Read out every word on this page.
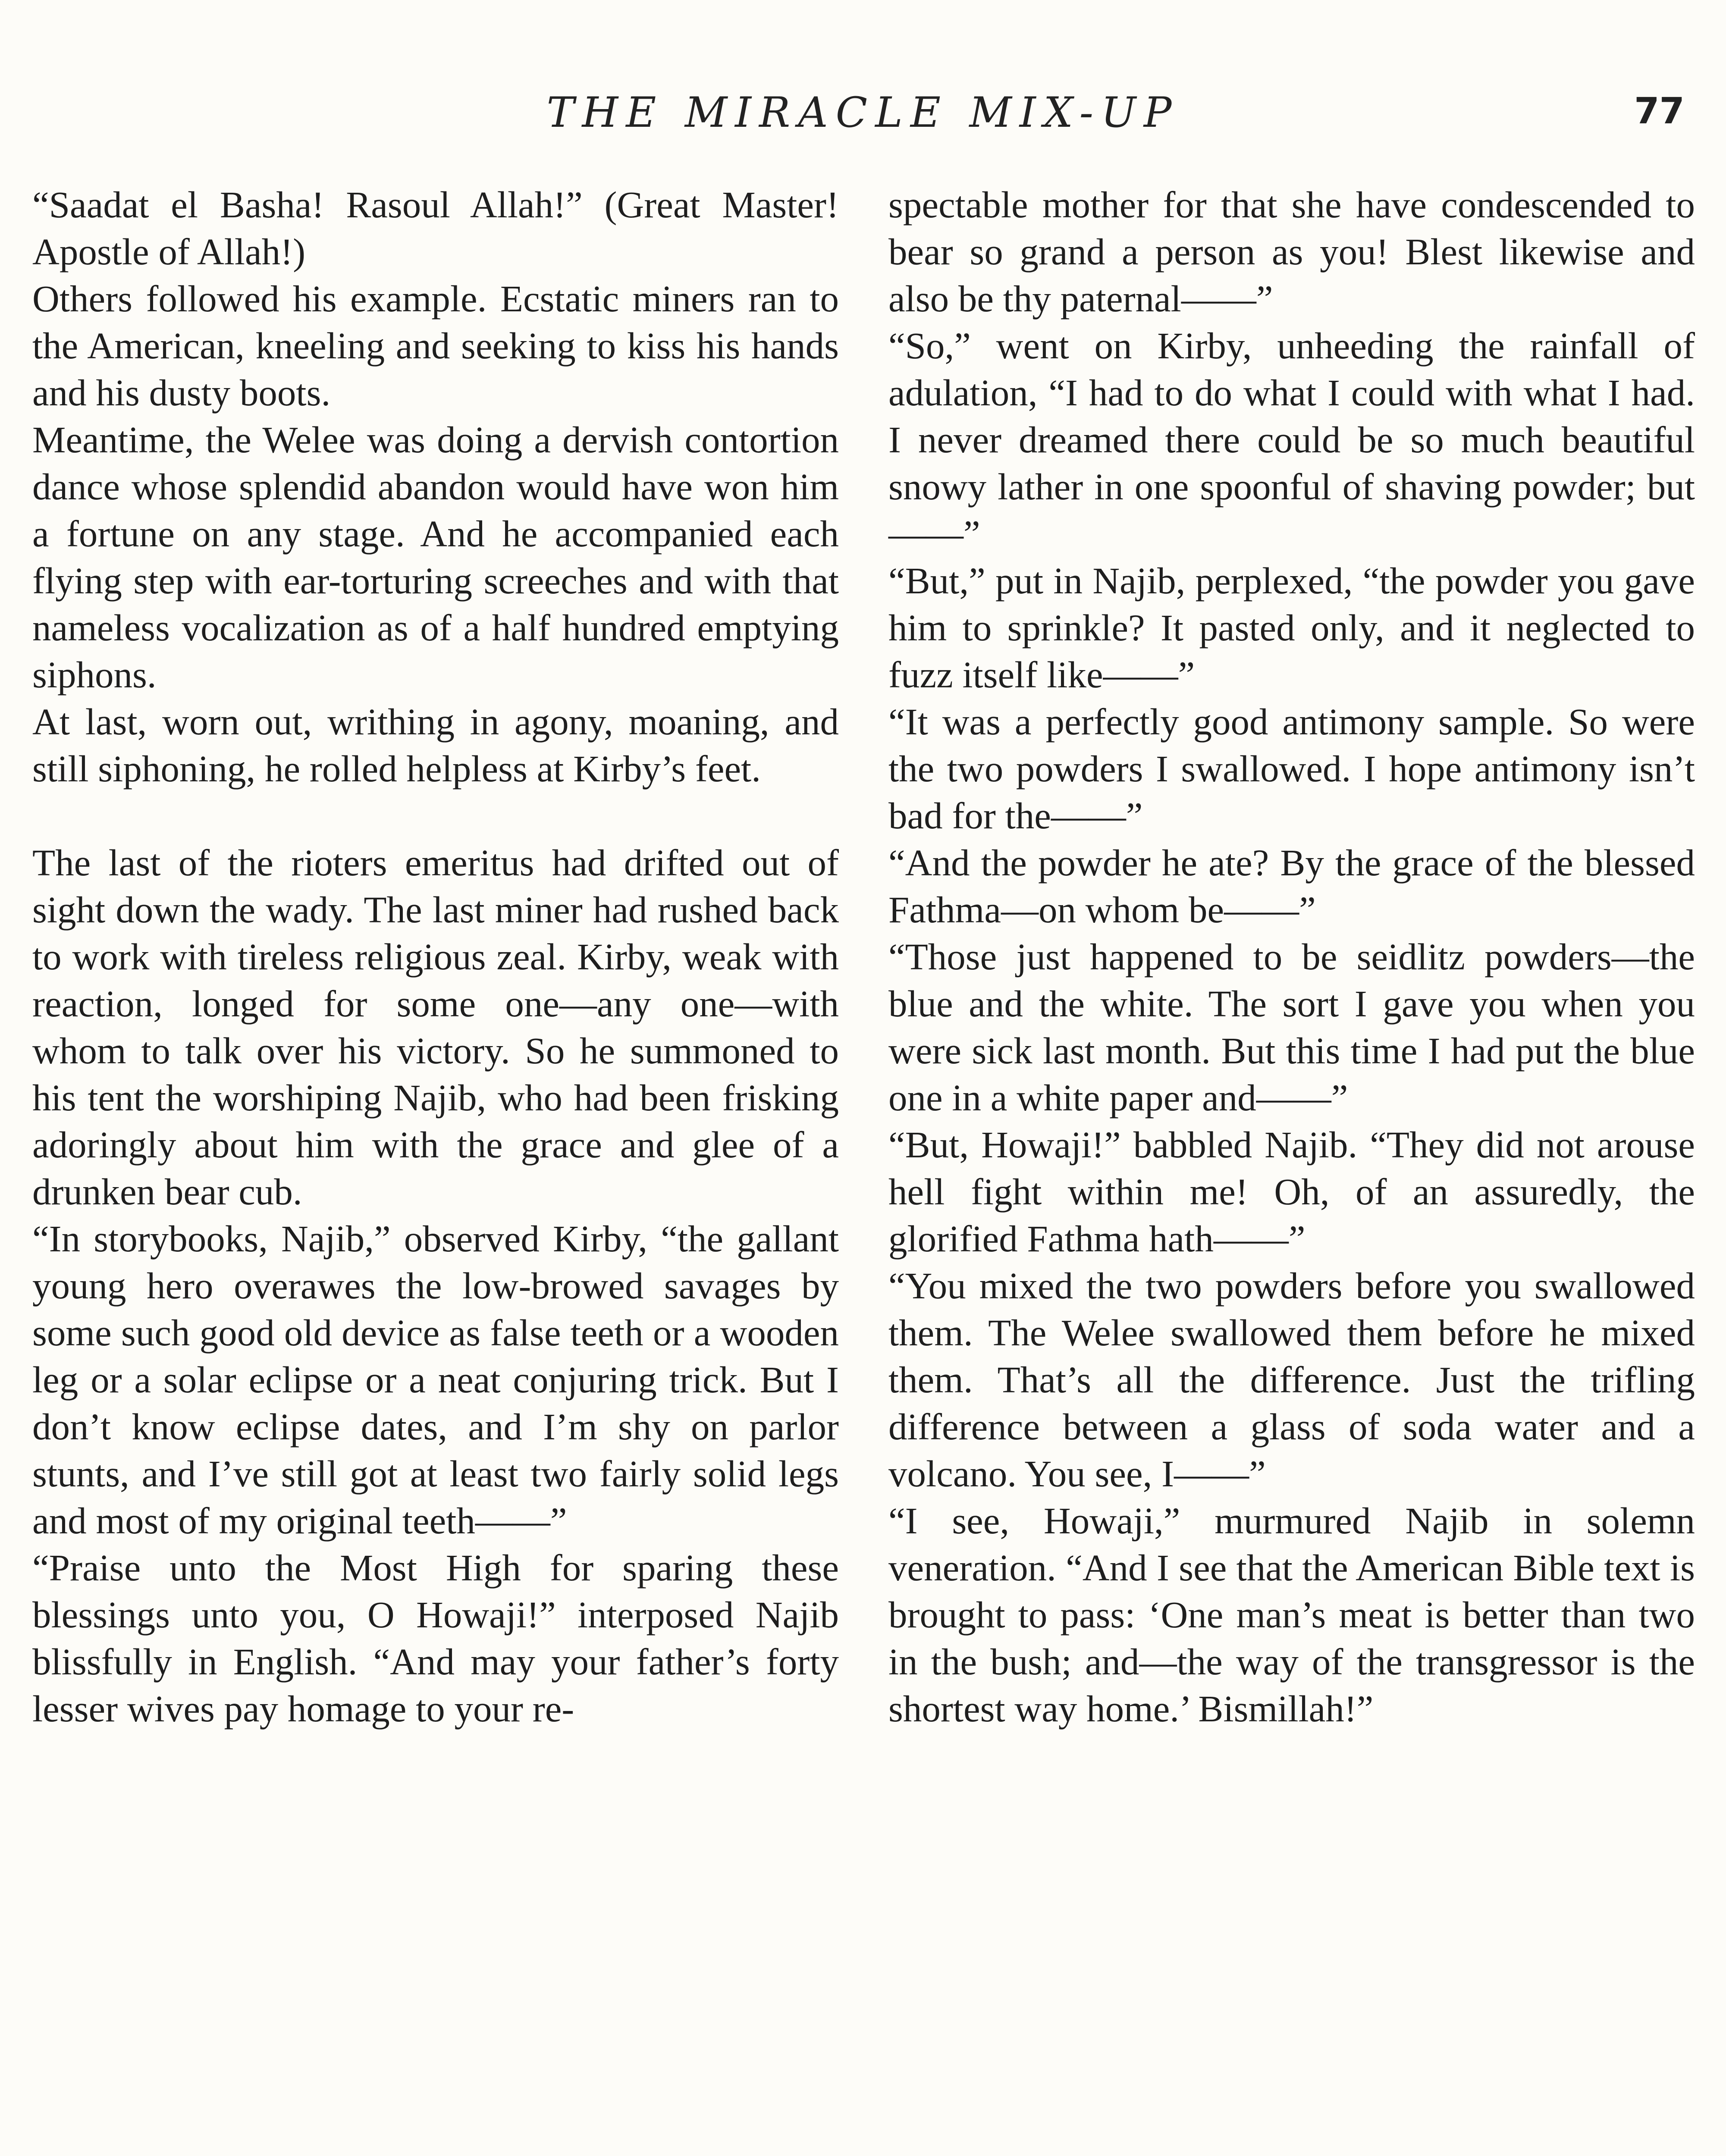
THE MIRACLE MIX-UP	77

“Saadat el Basha! Rasoul Allah!” (Great Master! Apostle of Allah!)

Others followed his example. Ecstatic miners ran to the American, kneeling and seeking to kiss his hands and his dusty boots.

Meantime, the Welee was doing a dervish contortion dance whose splendid abandon would have won him a fortune on any stage. And he accompanied each flying step with ear-torturing screeches and with that nameless vocalization as of a half hundred emptying siphons.

At last, worn out, writhing in agony, moaning, and still siphoning, he rolled helpless at Kirby’s feet.

The last of the rioters emeritus had drifted out of sight down the wady. The last miner had rushed back to work with tireless religious zeal. Kirby, weak with reaction, longed for some one—any one—with whom to talk over his victory. So he summoned to his tent the worshiping Najib, who had been frisking adoringly about him with the grace and glee of a drunken bear cub.

“In storybooks, Najib,” observed Kirby, “the gallant young hero overawes the low-browed savages by some such good old device as false teeth or a wooden leg or a solar eclipse or a neat conjuring trick. But I don’t know eclipse dates, and I’m shy on parlor stunts, and I’ve still got at least two fairly solid legs and most of my original teeth——”

“Praise unto the Most High for sparing these blessings unto you, O Howaji!” interposed Najib blissfully in English. “And may your father’s forty lesser wives pay homage to your re-

spectable mother for that she have condescended to bear so grand a person as you! Blest likewise and also be thy paternal——”

“So,” went on Kirby, unheeding the rainfall of adulation, “I had to do what I could with what I had. I never dreamed there could be so much beautiful snowy lather in one spoonful of shaving powder; but——”

“But,” put in Najib, perplexed, “the powder you gave him to sprinkle? It pasted only, and it neglected to fuzz itself like——”

“It was a perfectly good antimony sample. So were the two powders I swallowed. I hope antimony isn’t bad for the——”

“And the powder he ate? By the grace of the blessed Fathma—on whom be——”

“Those just happened to be seidlitz powders—the blue and the white. The sort I gave you when you were sick last month. But this time I had put the blue one in a white paper and——”

“But, Howaji!” babbled Najib. “They did not arouse hell fight within me! Oh, of an assuredly, the glorified Fathma hath——”

“You mixed the two powders before you swallowed them. The Welee swallowed them before he mixed them. That’s all the difference. Just the trifling difference between a glass of soda water and a volcano. You see, I——”

“I see, Howaji,” murmured Najib in solemn veneration. “And I see that the American Bible text is brought to pass: ‘One man’s meat is better than two in the bush; and—the way of the transgressor is the shortest way home.’ Bismillah!”
